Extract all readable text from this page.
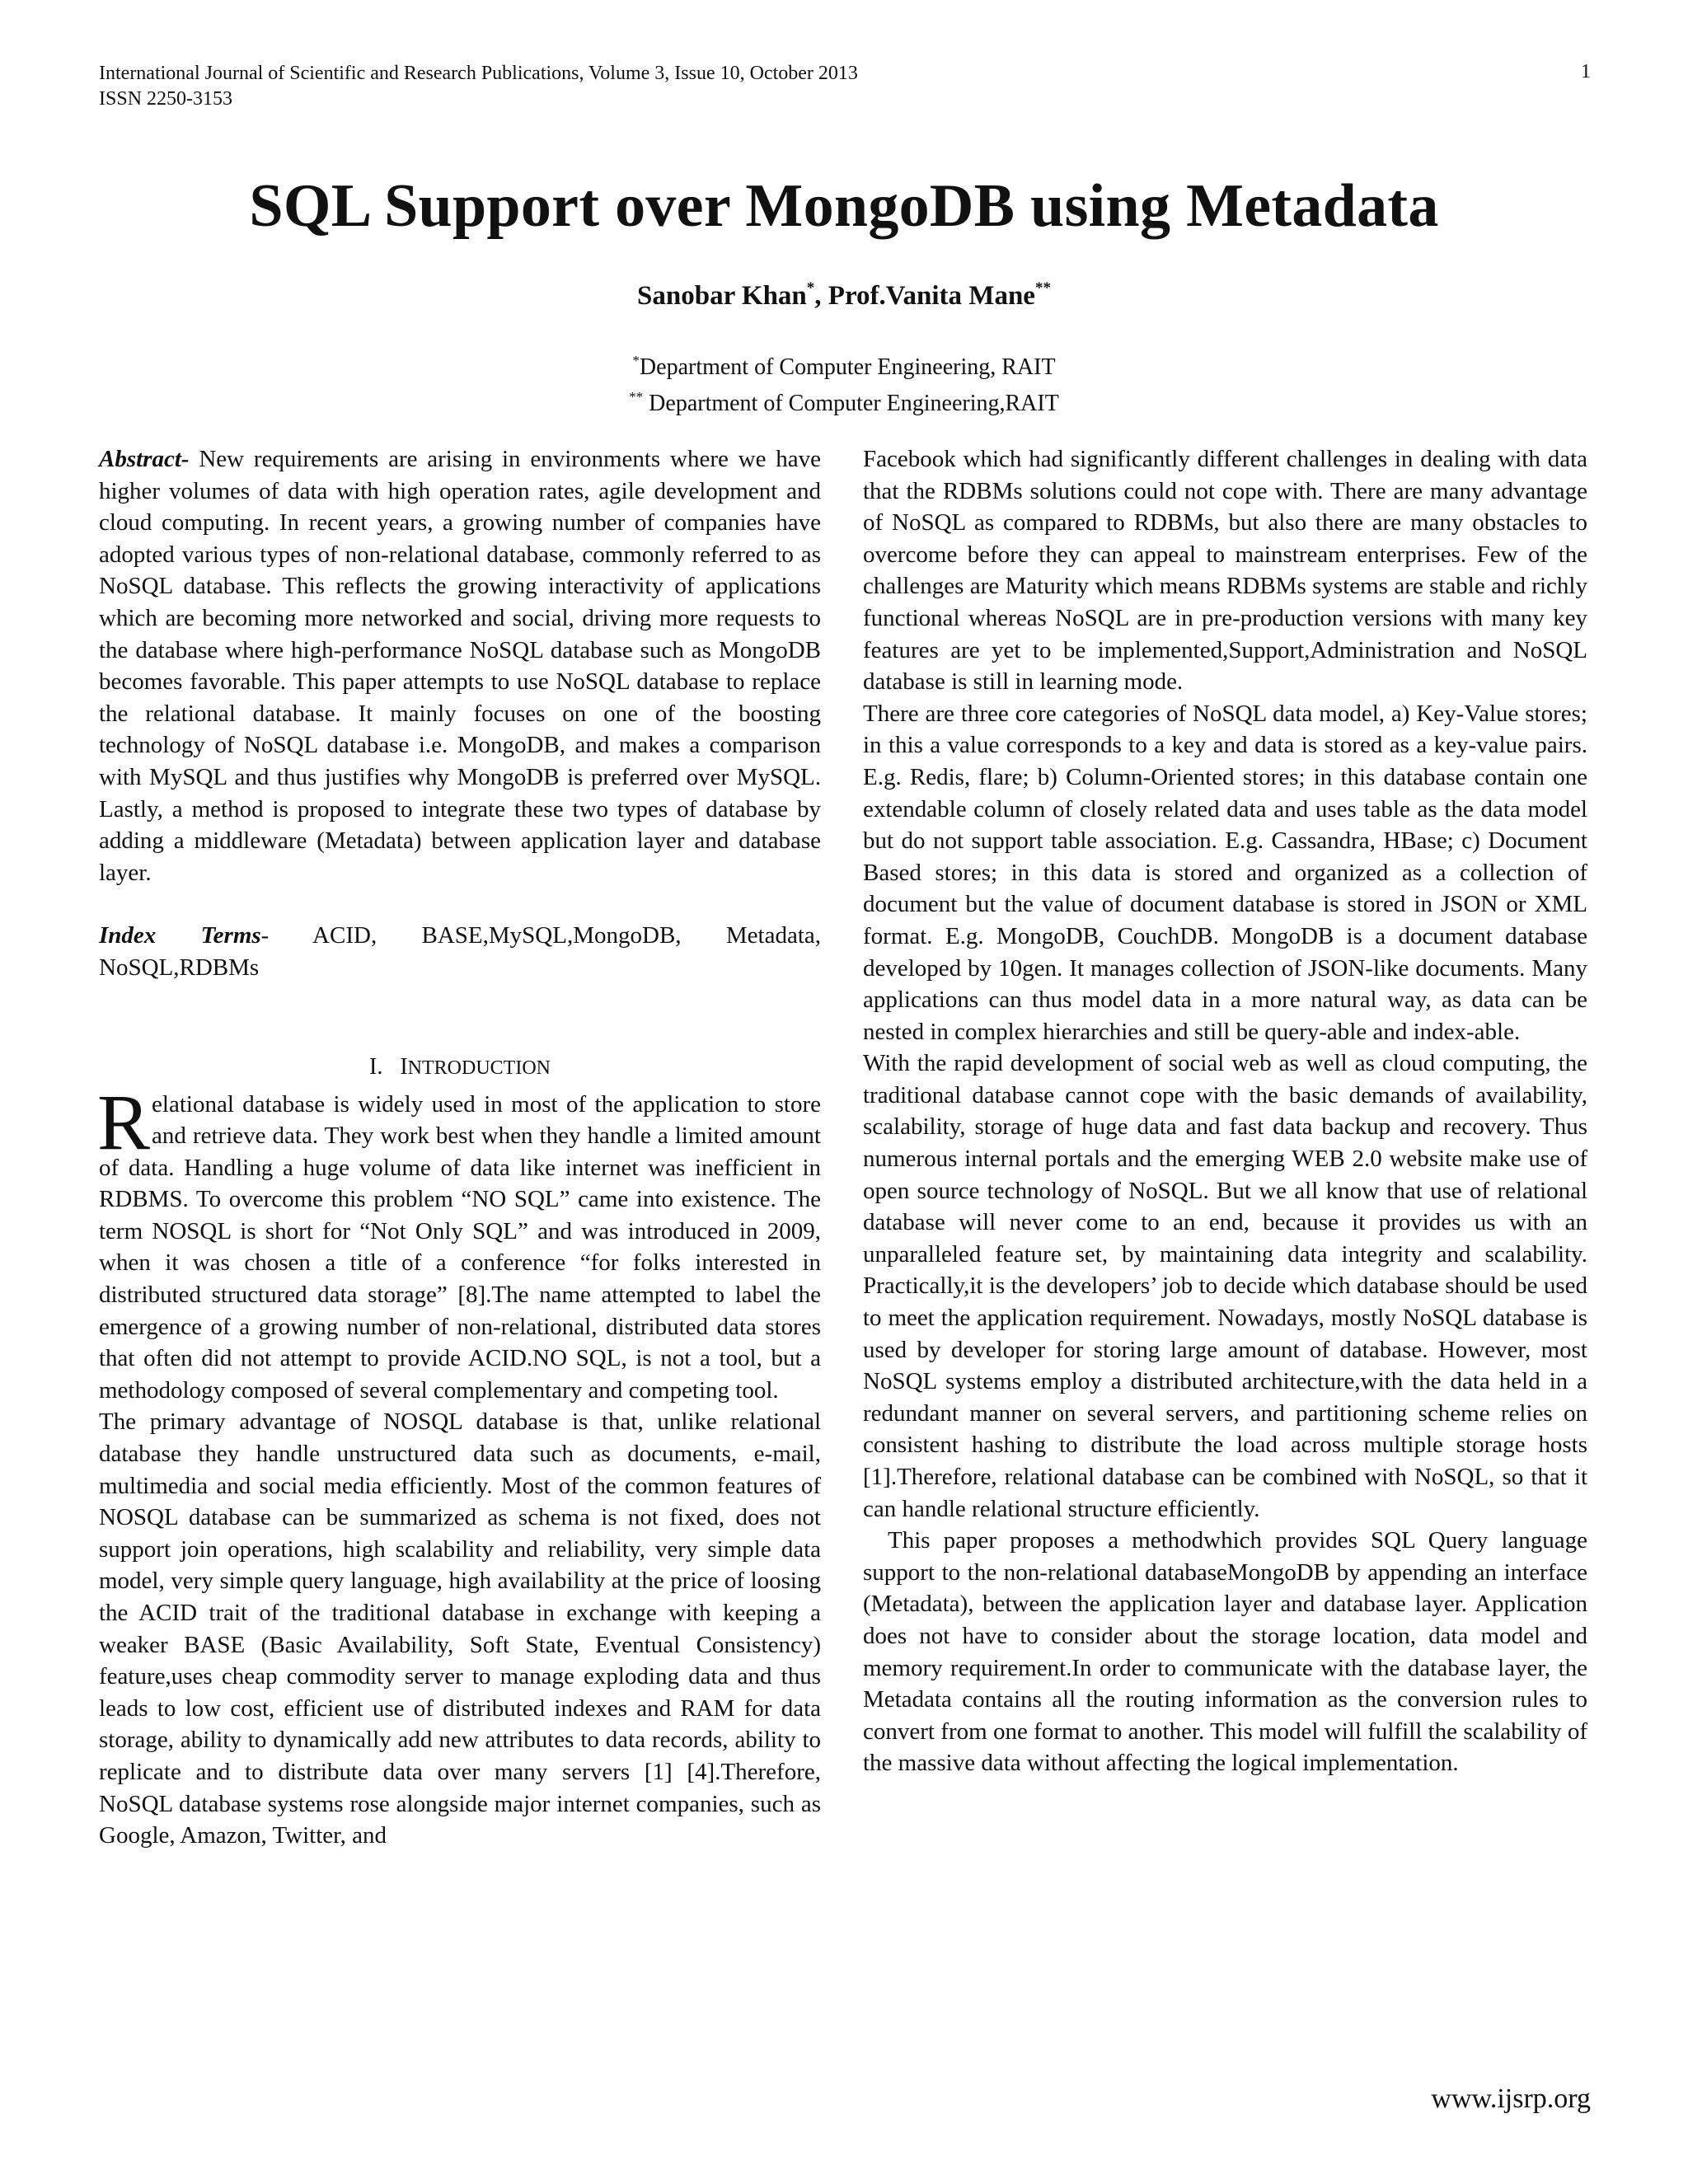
International Journal of Scientific and Research Publications, Volume 3, Issue 10, October 2013
ISSN 2250-3153
1
SQL Support over MongoDB using Metadata
Sanobar Khan*, Prof.Vanita Mane**
*Department of Computer Engineering, RAIT
** Department of Computer Engineering,RAIT

Abstract- New requirements are arising in environments where we have higher volumes of data with high operation rates, agile development and cloud computing. In recent years, a growing number of companies have adopted various types of non-relational database, commonly referred to as NoSQL database. This reflects the growing interactivity of applications which are becoming more networked and social, driving more requests to the database where high-performance NoSQL database such as MongoDB becomes favorable. This paper attempts to use NoSQL database to replace the relational database. It mainly focuses on one of the boosting technology of NoSQL database i.e. MongoDB, and makes a comparison with MySQL and thus justifies why MongoDB is preferred over MySQL. Lastly, a method is proposed to integrate these two types of database by adding a middleware (Metadata) between application layer and database layer.

Index Terms- ACID, BASE,MySQL,MongoDB, Metadata, NoSQL,RDBMs

I. INTRODUCTION

Relational database is widely used in most of the application to store and retrieve data. They work best when they handle a limited amount of data. Handling a huge volume of data like internet was inefficient in RDBMS. To overcome this problem “NO SQL” came into existence. The term NOSQL is short for “Not Only SQL” and was introduced in 2009, when it was chosen a title of a conference “for folks interested in distributed structured data storage” [8].The name attempted to label the emergence of a growing number of non-relational, distributed data stores that often did not attempt to provide ACID.NO SQL, is not a tool, but a methodology composed of several complementary and competing tool.

The primary advantage of NOSQL database is that, unlike relational database they handle unstructured data such as documents, e-mail, multimedia and social media efficiently. Most of the common features of NOSQL database can be summarized as schema is not fixed, does not support join operations, high scalability and reliability, very simple data model, very simple query language, high availability at the price of loosing the ACID trait of the traditional database in exchange with keeping a weaker BASE (Basic Availability, Soft State, Eventual Consistency) feature,uses cheap commodity server to manage exploding data and thus leads to low cost, efficient use of distributed indexes and RAM for data storage, ability to dynamically add new attributes to data records, ability to replicate and to distribute data over many servers [1] [4].Therefore, NoSQL database systems rose alongside major internet companies, such as Google, Amazon, Twitter, and

Facebook which had significantly different challenges in dealing with data that the RDBMs solutions could not cope with. There are many advantage of NoSQL as compared to RDBMs, but also there are many obstacles to overcome before they can appeal to mainstream enterprises. Few of the challenges are Maturity which means RDBMs systems are stable and richly functional whereas NoSQL are in pre-production versions with many key features are yet to be implemented,Support,Administration and NoSQL database is still in learning mode.

There are three core categories of NoSQL data model, a) Key-Value stores; in this a value corresponds to a key and data is stored as a key-value pairs. E.g. Redis, flare; b) Column-Oriented stores; in this database contain one extendable column of closely related data and uses table as the data model but do not support table association. E.g. Cassandra, HBase; c) Document Based stores; in this data is stored and organized as a collection of document but the value of document database is stored in JSON or XML format. E.g. MongoDB, CouchDB. MongoDB is a document database developed by 10gen. It manages collection of JSON-like documents. Many applications can thus model data in a more natural way, as data can be nested in complex hierarchies and still be query-able and index-able.

With the rapid development of social web as well as cloud computing, the traditional database cannot cope with the basic demands of availability, scalability, storage of huge data and fast data backup and recovery. Thus numerous internal portals and the emerging WEB 2.0 website make use of open source technology of NoSQL. But we all know that use of relational database will never come to an end, because it provides us with an unparalleled feature set, by maintaining data integrity and scalability. Practically,it is the developers’ job to decide which database should be used to meet the application requirement. Nowadays, mostly NoSQL database is used by developer for storing large amount of database. However, most NoSQL systems employ a distributed architecture,with the data held in a redundant manner on several servers, and partitioning scheme relies on consistent hashing to distribute the load across multiple storage hosts [1].Therefore, relational database can be combined with NoSQL, so that it can handle relational structure efficiently.

This paper proposes a methodwhich provides SQL Query language support to the non-relational databaseMongoDB by appending an interface (Metadata), between the application layer and database layer. Application does not have to consider about the storage location, data model and memory requirement.In order to communicate with the database layer, the Metadata contains all the routing information as the conversion rules to convert from one format to another. This model will fulfill the scalability of the massive data without affecting the logical implementation.

www.ijsrp.org
